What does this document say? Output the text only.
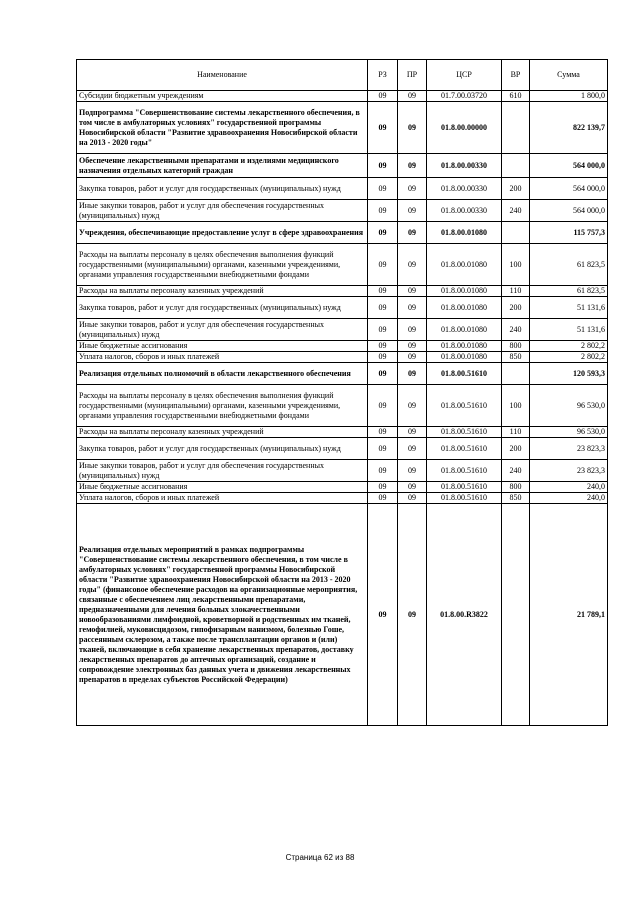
Наименование	РЗ	ПР	ЦСР	ВР	Сумма
Субсидии бюджетным учреждениям	09	09	01.7.00.03720	610	1 800,0
Подпрограмма "Совершенствование системы лекарственного обеспечения, в том числе в амбулаторных условиях" государственной программы Новосибирской области "Развитие здравоохранения Новосибирской области на 2013 - 2020 годы"	09	09	01.8.00.00000		822 139,7
Обеспечение лекарственными препаратами и изделиями медицинского назначения отдельных категорий граждан	09	09	01.8.00.00330		564 000,0
Закупка товаров, работ и услуг для государственных (муниципальных) нужд	09	09	01.8.00.00330	200	564 000,0
Иные закупки товаров, работ и услуг для обеспечения государственных (муниципальных) нужд	09	09	01.8.00.00330	240	564 000,0
Учреждения, обеспечивающие предоставление услуг в сфере здравоохранения	09	09	01.8.00.01080		115 757,3
Расходы на выплаты персоналу в целях обеспечения выполнения функций государственными (муниципальными) органами, казенными учреждениями, органами управления государственными внебюджетными фондами	09	09	01.8.00.01080	100	61 823,5
Расходы на выплаты персоналу казенных учреждений	09	09	01.8.00.01080	110	61 823,5
Закупка товаров, работ и услуг для государственных (муниципальных) нужд	09	09	01.8.00.01080	200	51 131,6
Иные закупки товаров, работ и услуг для обеспечения государственных (муниципальных) нужд	09	09	01.8.00.01080	240	51 131,6
Иные бюджетные ассигнования	09	09	01.8.00.01080	800	2 802,2
Уплата налогов, сборов и иных платежей	09	09	01.8.00.01080	850	2 802,2
Реализация отдельных полномочий в области лекарственного обеспечения	09	09	01.8.00.51610		120 593,3
Расходы на выплаты персоналу в целях обеспечения выполнения функций государственными (муниципальными) органами, казенными учреждениями, органами управления государственными внебюджетными фондами	09	09	01.8.00.51610	100	96 530,0
Расходы на выплаты персоналу казенных учреждений	09	09	01.8.00.51610	110	96 530,0
Закупка товаров, работ и услуг для государственных (муниципальных) нужд	09	09	01.8.00.51610	200	23 823,3
Иные закупки товаров, работ и услуг для обеспечения государственных (муниципальных) нужд	09	09	01.8.00.51610	240	23 823,3
Иные бюджетные ассигнования	09	09	01.8.00.51610	800	240,0
Уплата налогов, сборов и иных платежей	09	09	01.8.00.51610	850	240,0
Реализация отдельных мероприятий в рамках подпрограммы "Совершенствование системы лекарственного обеспечения, в том числе в амбулаторных условиях" государственной программы Новосибирской области "Развитие здравоохранения Новосибирской области на 2013 - 2020 годы" (финансовое обеспечение расходов на организационные мероприятия, связанные с обеспечением лиц лекарственными препаратами, предназначенными для лечения больных злокачественными новообразованиями лимфоидной, кроветворной и родственных им тканей, гемофилией, муковисцидозом, гипофизарным нанизмом, болезнью Гоше, рассеянным склерозом, а также после трансплантации органов и (или) тканей, включающие в себя хранение лекарственных препаратов, доставку лекарственных препаратов до аптечных организаций, создание и сопровождение электронных баз данных учета и движения лекарственных препаратов в пределах субъектов Российской Федерации)	09	09	01.8.00.R3822		21 789,1
Страница 62 из 88
